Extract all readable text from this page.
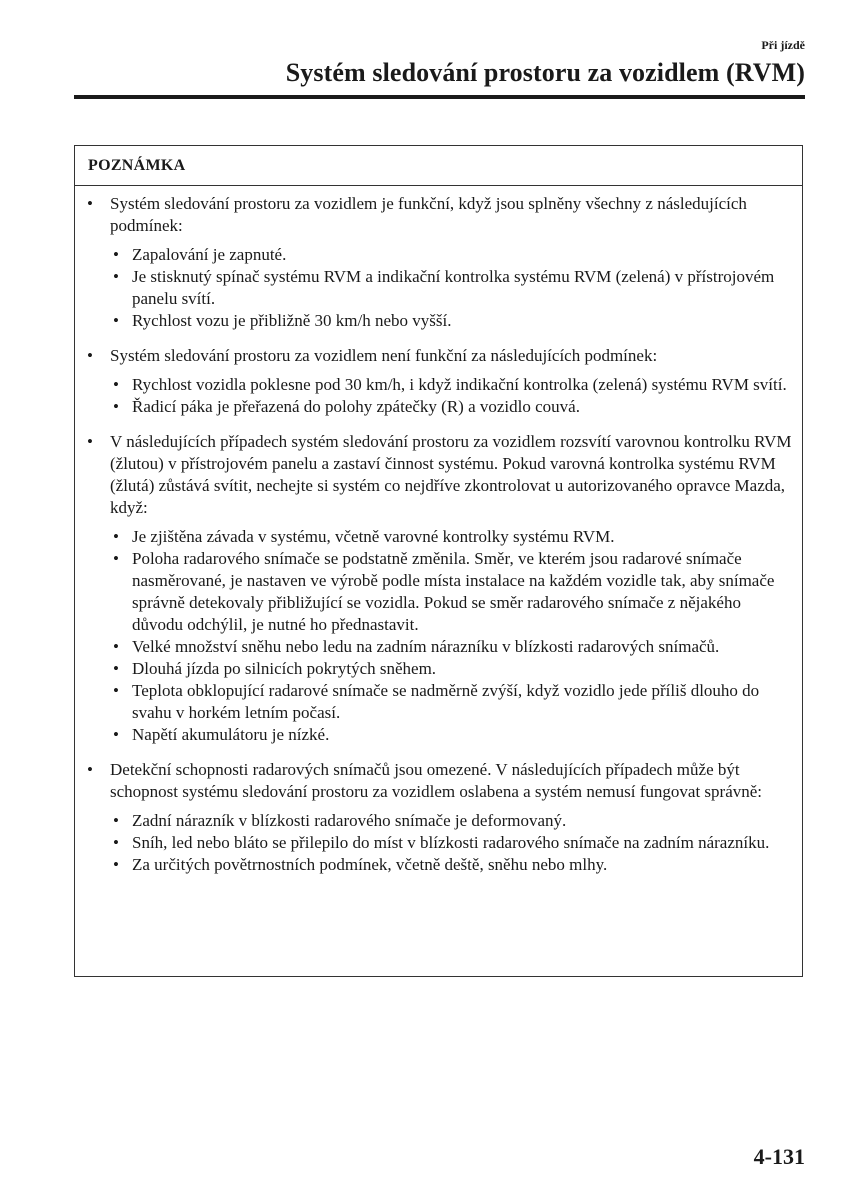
Při jízdě
Systém sledování prostoru za vozidlem (RVM)
POZNÁMKA

• Systém sledování prostoru za vozidlem je funkční, když jsou splněny všechny z následujících podmínek:

• Zapalování je zapnuté.
• Je stisknutý spínač systému RVM a indikační kontrolka systému RVM (zelená) v přístrojovém panelu svítí.
• Rychlost vozu je přibližně 30 km/h nebo vyšší.

• Systém sledování prostoru za vozidlem není funkční za následujících podmínek:

• Rychlost vozidla poklesne pod 30 km/h, i když indikační kontrolka (zelená) systému RVM svítí.
• Řadicí páka je přeřazená do polohy zpátečky (R) a vozidlo couvá.

• V následujících případech systém sledování prostoru za vozidlem rozsvítí varovnou kontrolku RVM (žlutou) v přístrojovém panelu a zastaví činnost systému. Pokud varovná kontrolka systému RVM (žlutá) zůstává svítit, nechejte si systém co nejdříve zkontrolovat u autorizovaného opravce Mazda, když:

• Je zjištěna závada v systému, včetně varovné kontrolky systému RVM.
• Poloha radarového snímače se podstatně změnila. Směr, ve kterém jsou radarové snímače nasměrované, je nastaven ve výrobě podle místa instalace na každém vozidle tak, aby snímače správně detekovaly přibližující se vozidla. Pokud se směr radarového snímače z nějakého důvodu odchýlil, je nutné ho přednastavit.
• Velké množství sněhu nebo ledu na zadním nárazníku v blízkosti radarových snímačů.
• Dlouhá jízda po silnicích pokrytých sněhem.
• Teplota obklopující radarové snímače se nadměrně zvýší, když vozidlo jede příliš dlouho do svahu v horkém letním počasí.
• Napětí akumulátoru je nízké.

• Detekční schopnosti radarových snímačů jsou omezené. V následujících případech může být schopnost systému sledování prostoru za vozidlem oslabena a systém nemusí fungovat správně:

• Zadní nárazník v blízkosti radarového snímače je deformovaný.
• Sníh, led nebo bláto se přilepilo do míst v blízkosti radarového snímače na zadním nárazníku.
• Za určitých povětrnostních podmínek, včetně deště, sněhu nebo mlhy.
4-131
